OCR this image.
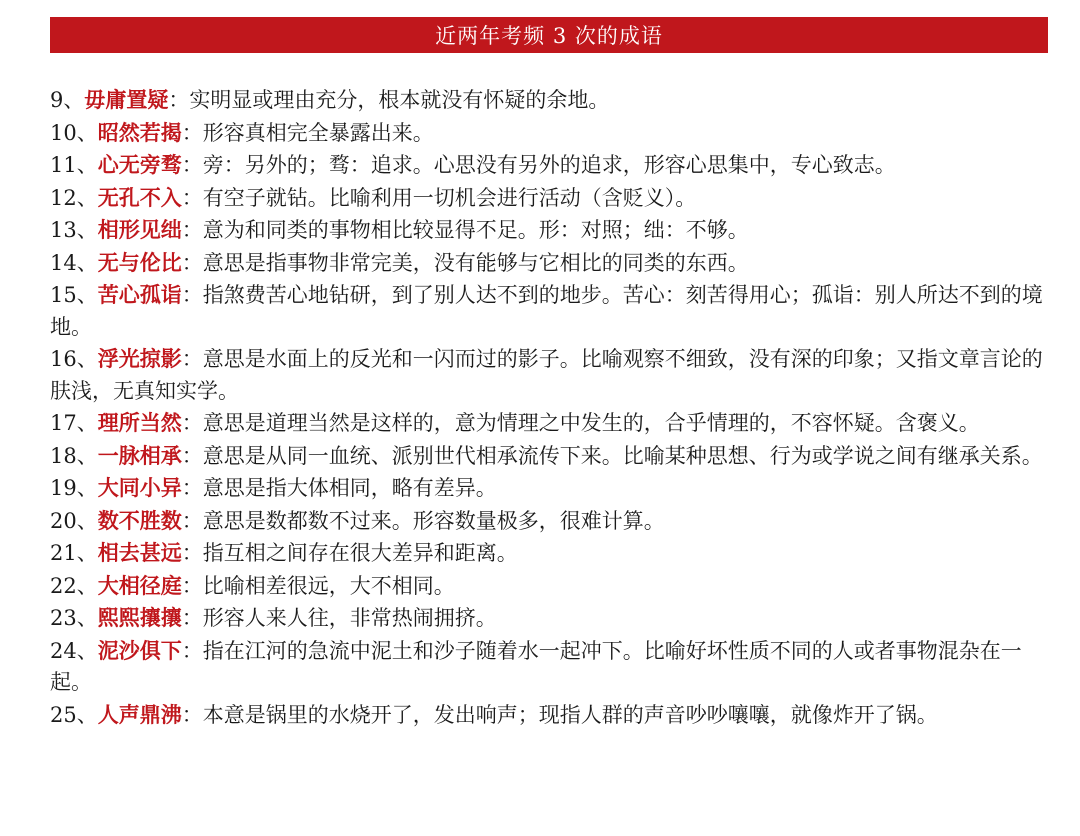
近两年考频 3 次的成语

9、毋庸置疑：实明显或理由充分，根本就没有怀疑的余地。

10、昭然若揭：形容真相完全暴露出来。

11、心无旁骛：旁：另外的；骛：追求。心思没有另外的追求，形容心思集中，专心致志。

12、无孔不入：有空子就钻。比喻利用一切机会进行活动（含贬义）。

13、相形见绌：意为和同类的事物相比较显得不足。形：对照；绌：不够。

14、无与伦比：意思是指事物非常完美，没有能够与它相比的同类的东西。

15、苦心孤诣：指煞费苦心地钻研，到了别人达不到的地步。苦心：刻苦得用心；孤诣：别人所达不到的境地。

16、浮光掠影：意思是水面上的反光和一闪而过的影子。比喻观察不细致，没有深的印象；又指文章言论的肤浅，无真知实学。

17、理所当然：意思是道理当然是这样的，意为情理之中发生的，合乎情理的，不容怀疑。含褒义。

18、一脉相承：意思是从同一血统、派别世代相承流传下来。比喻某种思想、行为或学说之间有继承关系。

19、大同小异：意思是指大体相同，略有差异。

20、数不胜数：意思是数都数不过来。形容数量极多，很难计算。

21、相去甚远：指互相之间存在很大差异和距离。

22、大相径庭：比喻相差很远，大不相同。

23、熙熙攘攘：形容人来人往，非常热闹拥挤。

24、泥沙俱下：指在江河的急流中泥土和沙子随着水一起冲下。比喻好坏性质不同的人或者事物混杂在一起。

25、人声鼎沸：本意是锅里的水烧开了，发出响声；现指人群的声音吵吵嚷嚷，就像炸开了锅。
